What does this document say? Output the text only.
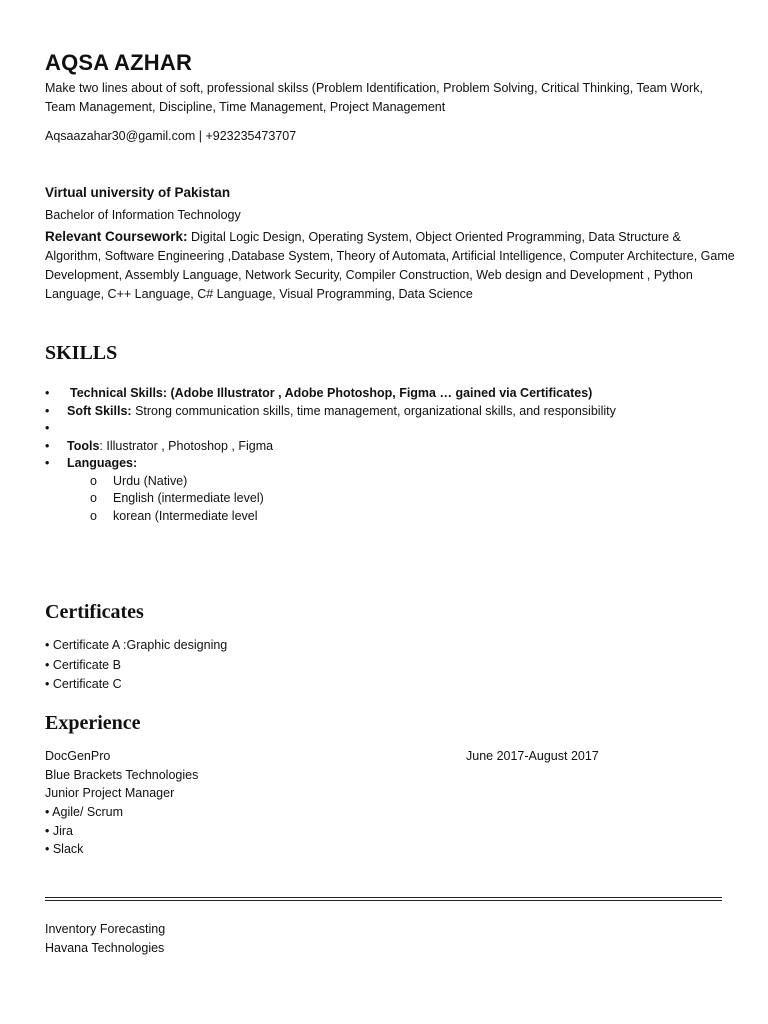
AQSA AZHAR
Make two lines about of soft, professional skilss (Problem Identification, Problem Solving, Critical Thinking, Team Work, Team Management, Discipline, Time Management, Project Management
Aqsaazahar30@gamil.com | +923235473707
Virtual university of Pakistan
Bachelor of Information Technology
Relevant Coursework: Digital Logic Design, Operating System, Object Oriented Programming, Data Structure & Algorithm, Software Engineering ,Database System, Theory of Automata, Artificial Intelligence, Computer Architecture, Game Development, Assembly Language, Network Security, Compiler Construction, Web design and Development , Python Language, C++ Language, C# Language, Visual Programming, Data Science
SKILLS
• Technical Skills: (Adobe Illustrator , Adobe Photoshop, Figma … gained via Certificates)
• Soft Skills: Strong communication skills, time management, organizational skills, and responsibility
•
• Tools: Illustrator , Photoshop , Figma
• Languages:
o Urdu (Native)
o English (intermediate level)
o korean (Intermediate level
Certificates
• Certificate A :Graphic designing
• Certificate B
• Certificate C
Experience
DocGenPro
Blue Brackets Technologies
Junior Project Manager
• Agile/ Scrum
• Jira
• Slack
June 2017-August 2017
Inventory Forecasting
Havana Technologies
